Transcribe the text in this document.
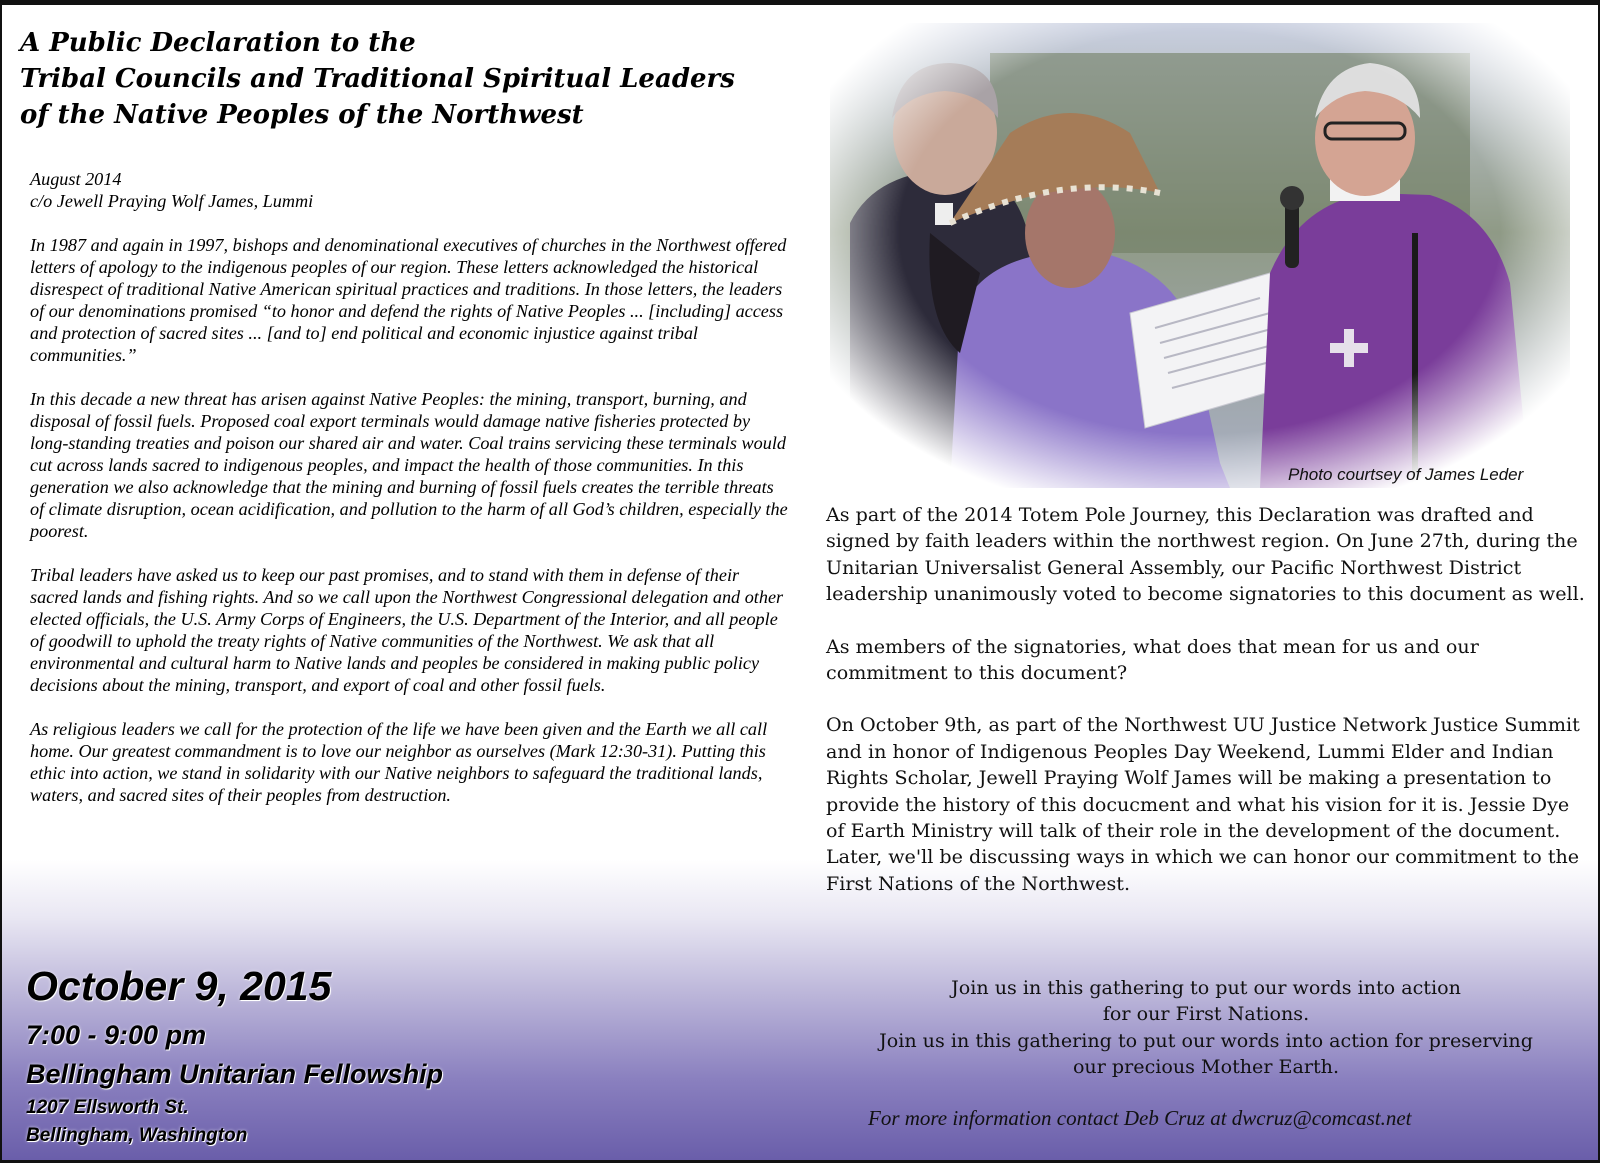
A Public Declaration to the
Tribal Councils and Traditional Spiritual Leaders
of the Native Peoples of the Northwest
August 2014
c/o Jewell Praying Wolf James, Lummi

In 1987 and again in 1997, bishops and denominational executives of churches in the Northwest offered letters of apology to the indigenous peoples of our region. These letters acknowledged the historical disrespect of traditional Native American spiritual practices and traditions. In those letters, the leaders of our denominations promised “to honor and defend the rights of Native Peoples ... [including] access and protection of sacred sites ... [and to] end political and economic injustice against tribal communities.”

In this decade a new threat has arisen against Native Peoples: the mining, transport, burning, and disposal of fossil fuels. Proposed coal export terminals would damage native fisheries protected by long-standing treaties and poison our shared air and water. Coal trains servicing these terminals would cut across lands sacred to indigenous peoples, and impact the health of those communities. In this generation we also acknowledge that the mining and burning of fossil fuels creates the terrible threats of climate disruption, ocean acidification, and pollution to the harm of all God’s children, especially the poorest.

Tribal leaders have asked us to keep our past promises, and to stand with them in defense of their sacred lands and fishing rights. And so we call upon the Northwest Congressional delegation and other elected officials, the U.S. Army Corps of Engineers, the U.S. Department of the Interior, and all people of goodwill to uphold the treaty rights of Native communities of the Northwest. We ask that all environmental and cultural harm to Native lands and peoples be considered in making public policy decisions about the mining, transport, and export of coal and other fossil fuels.

As religious leaders we call for the protection of the life we have been given and the Earth we all call home. Our greatest commandment is to love our neighbor as ourselves (Mark 12:30-31). Putting this ethic into action, we stand in solidarity with our Native neighbors to safeguard the traditional lands, waters, and sacred sites of their peoples from destruction.

October 9, 2015
7:00 - 9:00 pm
Bellingham Unitarian Fellowship
1207 Ellsworth St.
Bellingham, Washington
Photo courtsey of James Leder

As part of the 2014 Totem Pole Journey, this Declaration was drafted and signed by faith leaders within the northwest region. On June 27th, during the Unitarian Universalist General Assembly, our Pacific Northwest District leadership unanimously voted to become signatories to this document as well.

As members of the signatories, what does that mean for us and our commitment to this document?

On October 9th, as part of the Northwest UU Justice Network Justice Summit and in honor of Indigenous Peoples Day Weekend, Lummi Elder and Indian Rights Scholar, Jewell Praying Wolf James will be making a presentation to provide the history of this docucment and what his vision for it is. Jessie Dye of Earth Ministry will talk of their role in the development of the document. Later, we'll be discussing ways in which we can honor our commitment to the First Nations of the Northwest.

Join us in this gathering to put our words into action

for our First Nations.

Join us in this gathering to put our words into action for preserving

our precious Mother Earth.

For more information contact Deb Cruz at dwcruz@comcast.net
